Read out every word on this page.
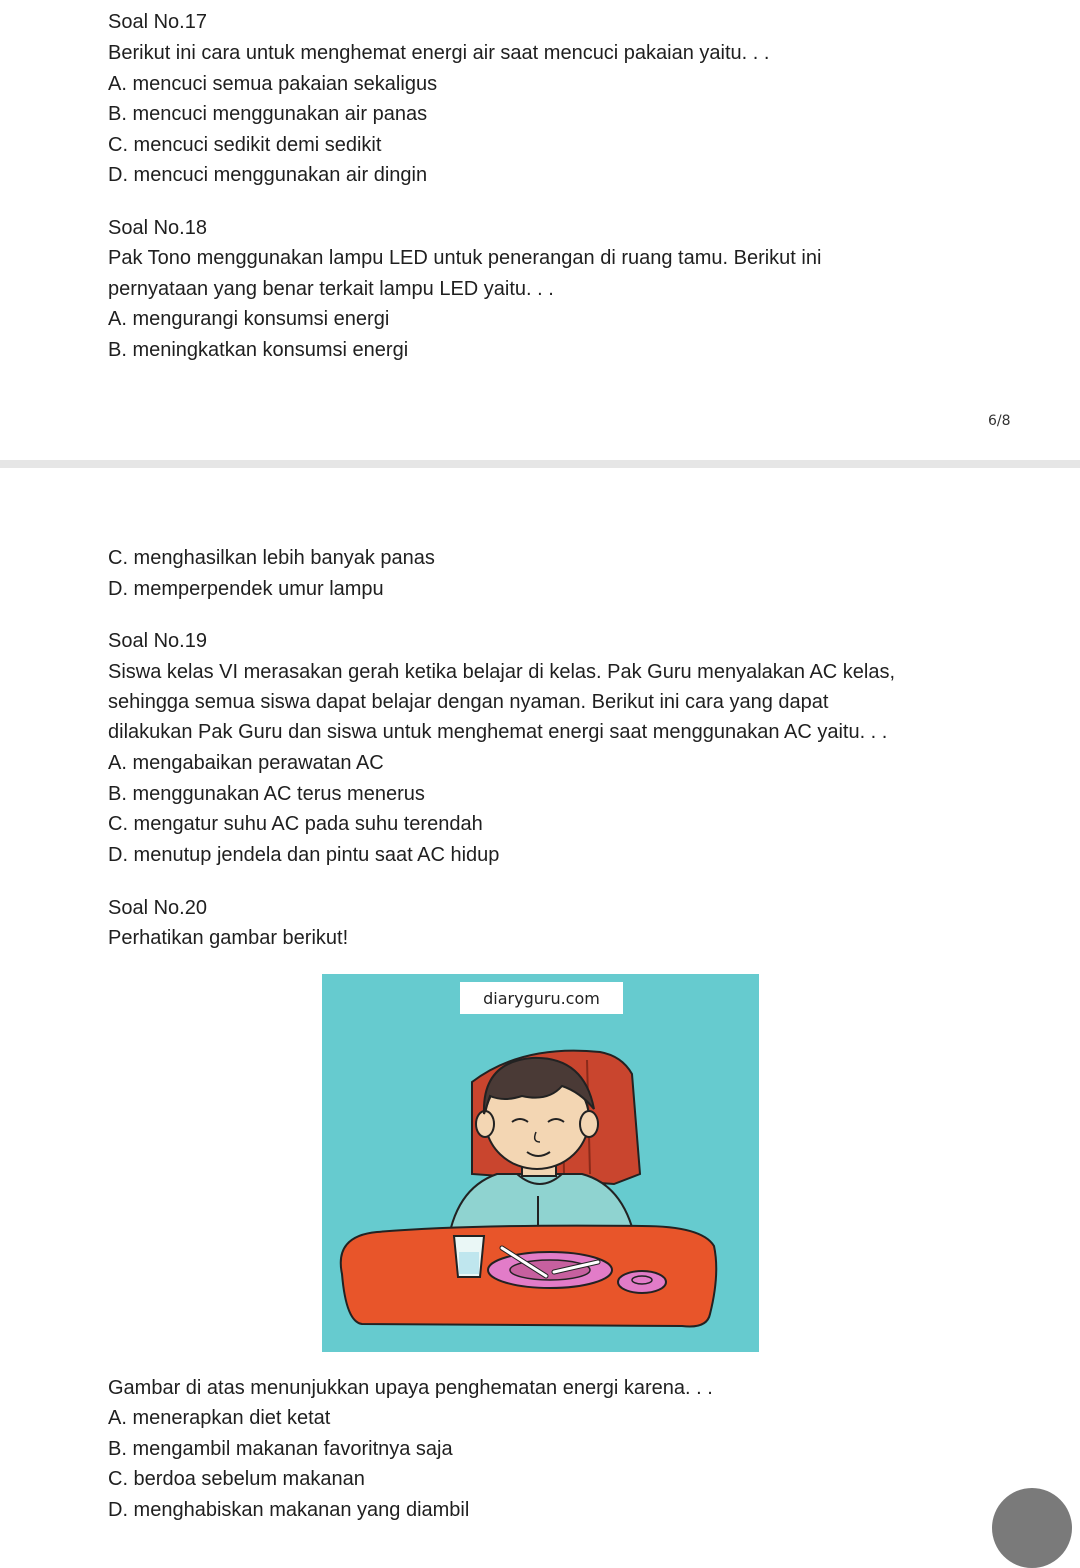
Soal No.17
Berikut ini cara untuk menghemat energi air saat mencuci pakaian yaitu. . .
A. mencuci semua pakaian sekaligus
B. mencuci menggunakan air panas
C. mencuci sedikit demi sedikit
D. mencuci menggunakan air dingin
Soal No.18
Pak Tono menggunakan lampu LED untuk penerangan di ruang tamu. Berikut ini
pernyataan yang benar terkait lampu LED yaitu. . .
A. mengurangi konsumsi energi
B. meningkatkan konsumsi energi
6/8
C. menghasilkan lebih banyak panas
D. memperpendek umur lampu
Soal No.19
Siswa kelas VI merasakan gerah ketika belajar di kelas. Pak Guru menyalakan AC kelas,
sehingga semua siswa dapat belajar dengan nyaman. Berikut ini cara yang dapat
dilakukan Pak Guru dan siswa untuk menghemat energi saat menggunakan AC yaitu. . .
A. mengabaikan perawatan AC
B. menggunakan AC terus menerus
C. mengatur suhu AC pada suhu terendah
D. menutup jendela dan pintu saat AC hidup
Soal No.20
Perhatikan gambar berikut!
diaryguru.com
Gambar di atas menunjukkan upaya penghematan energi karena. . .
A. menerapkan diet ketat
B. mengambil makanan favoritnya saja
C. berdoa sebelum makanan
D. menghabiskan makanan yang diambil
